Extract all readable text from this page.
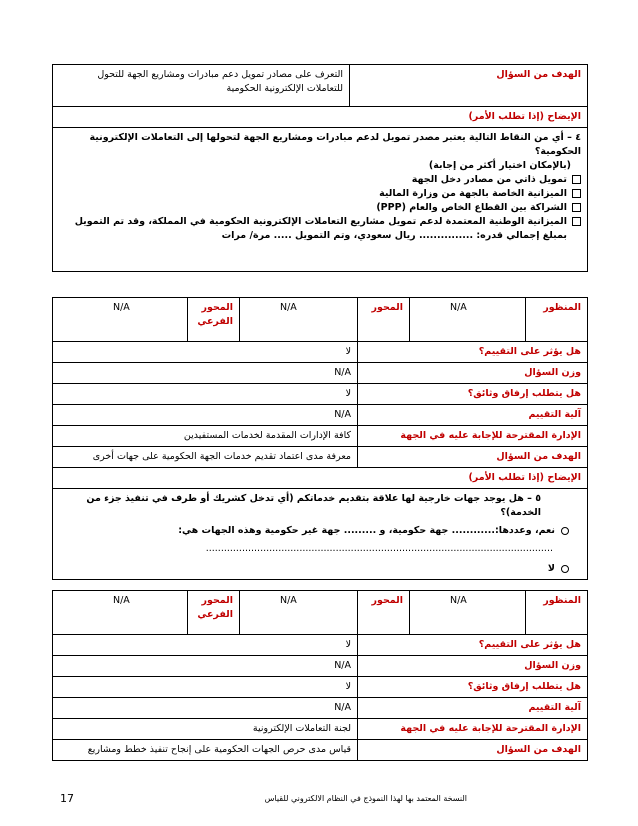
الهدف من السؤال	
التعرف على مصادر تمويل دعم مبادرات ومشاريع الجهة للتحول
للتعاملات الإلكترونية الحكومية

الإيضاح (إذا تطلب الأمر)

٤ – أي من النقاط التالية يعتبر مصدر تمويل لدعم مبادرات ومشاريع الجهة لتحولها إلى التعاملات الإلكترونية الحكومية؟

(بالإمكان اختيار أكثر من إجابة)

تمويل ذاتي من مصادر دخل الجهة

الميزانية الخاصة بالجهة من وزارة المالية

الشراكة بين القطاع الخاص والعام (PPP)

الميزانية الوطنية المعتمدة لدعم تمويل مشاريع التعاملات الإلكترونية الحكومية في المملكة، وقد تم التمويل

بمبلغ إجمالي قدره: ............... ريال سعودي، وتم التمويل ..... مرة/ مرات

المنظور	N/A	المحور	N/A	المحور الفرعي	N/A
هل يؤثر على التقييم؟			لا		
وزن السؤال			N/A		
هل يتطلب إرفاق وثائق؟			لا		
آلية التقييم			N/A		
الإدارة المقترحة للإجابة عليه في الجهة			كافة الإدارات المقدمة لخدمات المستفيدين		
الهدف من السؤال			معرفة مدى اعتماد تقديم خدمات الجهة الحكومية على جهات أخرى		
الإيضاح (إذا تطلب الأمر)					

٥ – هل يوجد جهات خارجية لها علاقة بتقديم خدماتكم (أي تدخل كشريك أو طرف في تنفيذ جزء من الخدمة)؟

نعم، وعددها:............ جهة حكومية، و ......... جهة غير حكومية وهذه الجهات هي:

...................................................................................................................

لا					

المنظور	N/A	المحور	N/A	المحور الفرعي	N/A
هل يؤثر على التقييم؟			لا		
وزن السؤال			N/A		
هل يتطلب إرفاق وثائق؟			لا		
آلية التقييم			N/A		
الإدارة المقترحة للإجابة عليه في الجهة			لجنة التعاملات الإلكترونية		
الهدف من السؤال			قياس مدى حرص الجهات الحكومية على إنجاح تنفيذ خطط ومشاريع		
النسخة المعتمد بها لهذا النموذج في النظام الالكتروني للقياس
17
